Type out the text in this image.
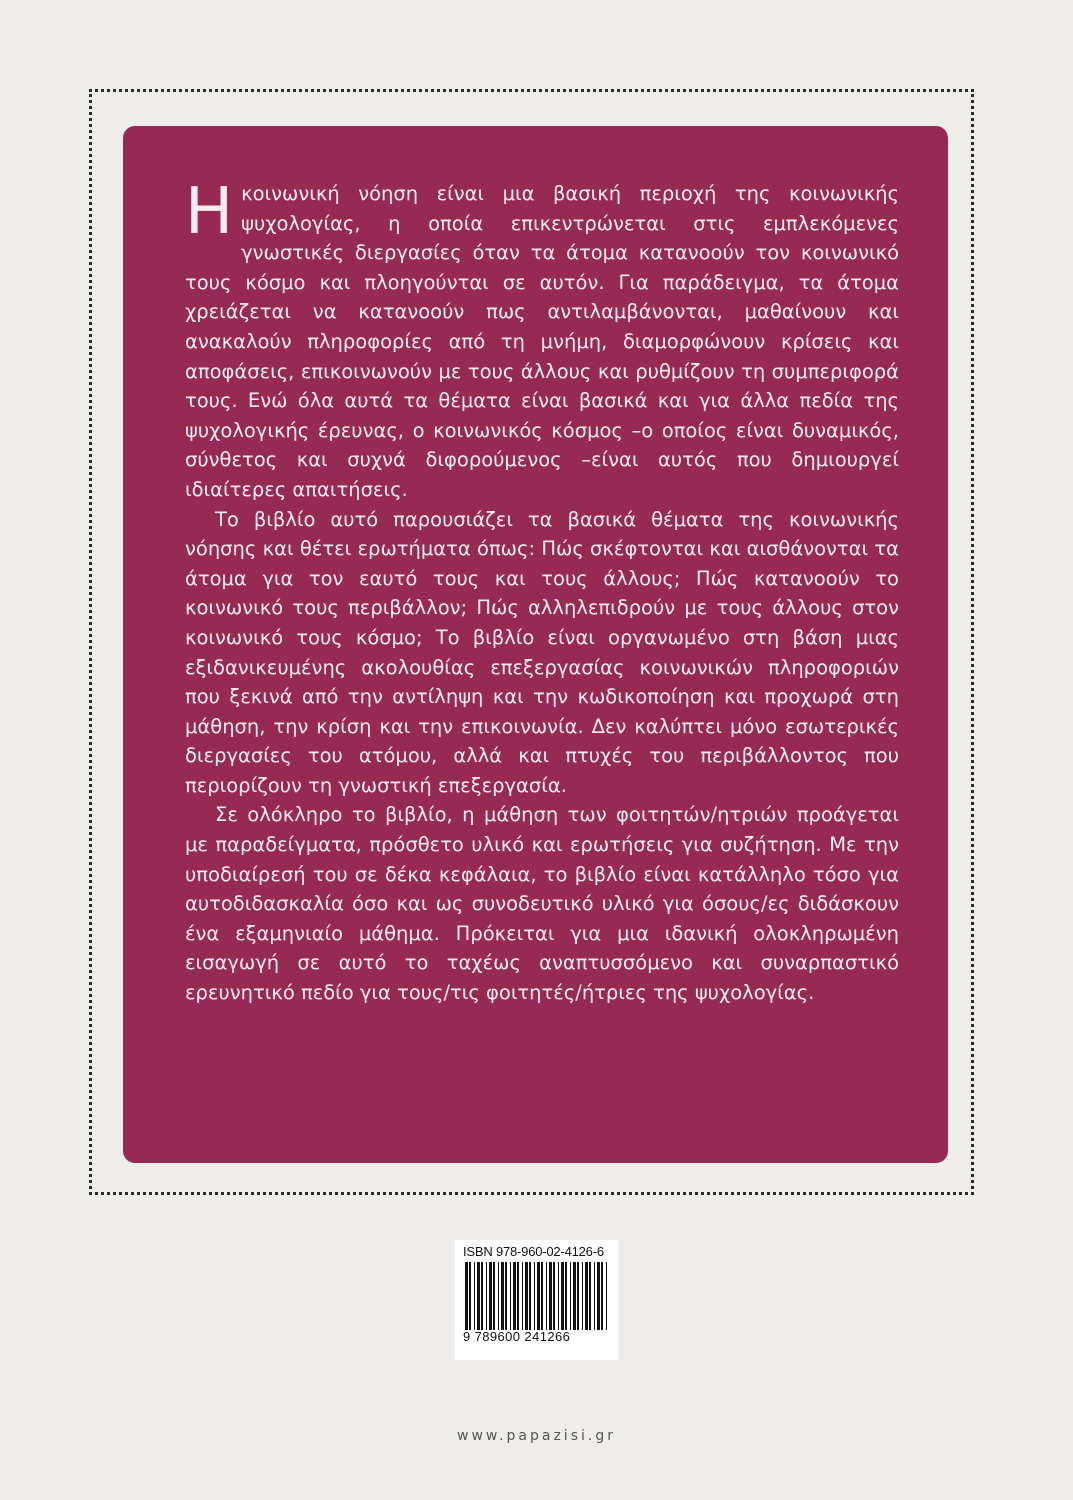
Ηκοινωνική νόηση είναι μια βασική περιοχή της κοινωνικής ψυχολογίας, η οποία επικεντρώνεται στις εμπλεκόμενες γνωστικές διεργασίες όταν τα άτομα κατανοούν τον κοινωνικό τους κόσμο και πλοηγούνται σε αυτόν. Για παράδειγμα, τα άτομα χρειάζεται να κατανοούν πως αντιλαμβάνονται, μαθαίνουν και ανακαλούν πληροφορίες από τη μνήμη, διαμορφώνουν κρίσεις και αποφάσεις, επικοινωνούν με τους άλλους και ρυθμίζουν τη συμπεριφορά τους. Ενώ όλα αυτά τα θέματα είναι βασικά και για άλλα πεδία της ψυχολογικής έρευνας, ο κοινωνικός κόσμος –ο οποίος είναι δυναμικός, σύνθετος και συχνά διφορούμενος –είναι αυτός που δημιουργεί ιδιαίτερες απαιτήσεις.

Το βιβλίο αυτό παρουσιάζει τα βασικά θέματα της κοινωνικής νόησης και θέτει ερωτήματα όπως: Πώς σκέφτονται και αισθάνονται τα άτομα για τον εαυτό τους και τους άλλους; Πώς κατανοούν το κοινωνικό τους περιβάλλον; Πώς αλληλεπιδρούν με τους άλλους στον κοινωνικό τους κόσμο; Το βιβλίο είναι οργανωμένο στη βάση μιας εξιδανικευμένης ακολουθίας επεξεργασίας κοινωνικών πληροφοριών που ξεκινά από την αντίληψη και την κωδικοποίηση και προχωρά στη μάθηση, την κρίση και την επικοινωνία. Δεν καλύπτει μόνο εσωτερικές διεργασίες του ατόμου, αλλά και πτυχές του περιβάλλοντος που περιορίζουν τη γνωστική επεξεργασία.

Σε ολόκληρο το βιβλίο, η μάθηση των φοιτητών/ητριών προάγεται με παραδείγματα, πρόσθετο υλικό και ερωτήσεις για συζήτηση. Με την υποδιαίρεσή του σε δέκα κεφάλαια, το βιβλίο είναι κατάλληλο τόσο για αυτοδιδασκαλία όσο και ως συνοδευτικό υλικό για όσους/ες διδάσκουν ένα εξαμηνιαίο μάθημα. Πρόκειται για μια ιδανική ολοκληρωμένη εισαγωγή σε αυτό το ταχέως αναπτυσσόμενο και συναρπαστικό ερευνητικό πεδίο για τους/τις φοιτητές/ήτριες της ψυχολογίας.

ISBN 978-960-02-4126-6
9 789600 241266
www.papazisi.gr
